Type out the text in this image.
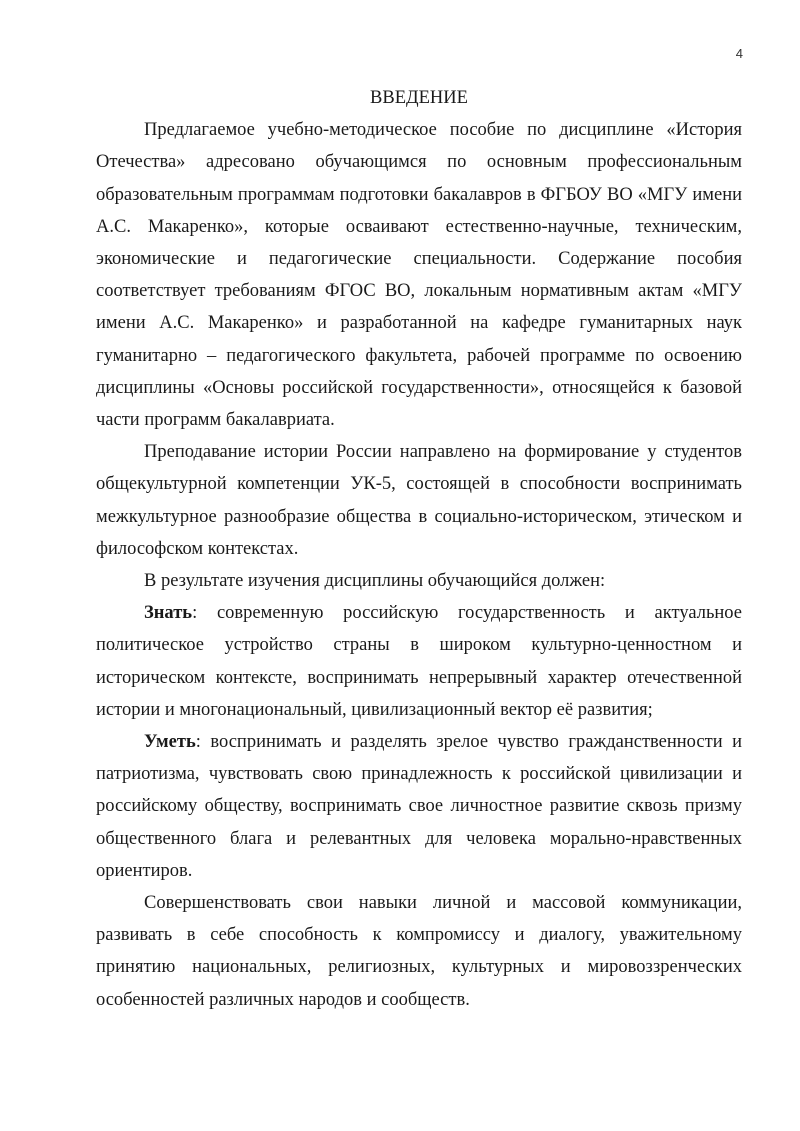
4

ВВЕДЕНИЕ

Предлагаемое учебно-методическое пособие по дисциплине «История Отечества» адресовано обучающимся по основным профессиональным образовательным программам подготовки бакалавров в ФГБОУ ВО «МГУ имени А.С. Макаренко», которые осваивают естественно-научные, техническим, экономические и педагогические специальности. Содержание пособия соответствует требованиям ФГОС ВО, локальным нормативным актам «МГУ имени А.С. Макаренко» и разработанной на кафедре гуманитарных наук гуманитарно – педагогического факультета, рабочей программе по освоению дисциплины «Основы российской государственности», относящейся к базовой части программ бакалавриата.

Преподавание истории России направлено на формирование у студентов общекультурной компетенции УК-5, состоящей в способности воспринимать межкультурное разнообразие общества в социально-историческом, этическом и философском контекстах.

В результате изучения дисциплины обучающийся должен:

Знать: современную российскую государственность и актуальное политическое устройство страны в широком культурно-ценностном и историческом контексте, воспринимать непрерывный характер отечественной истории и многонациональный, цивилизационный вектор её развития;

Уметь: воспринимать и разделять зрелое чувство гражданственности и патриотизма, чувствовать свою принадлежность к российской цивилизации и российскому обществу, воспринимать свое личностное развитие сквозь призму общественного блага и релевантных для человека морально-нравственных ориентиров.

Совершенствовать свои навыки личной и массовой коммуникации, развивать в себе способность к компромиссу и диалогу, уважительному принятию национальных, религиозных, культурных и мировоззренческих особенностей различных народов и сообществ.
